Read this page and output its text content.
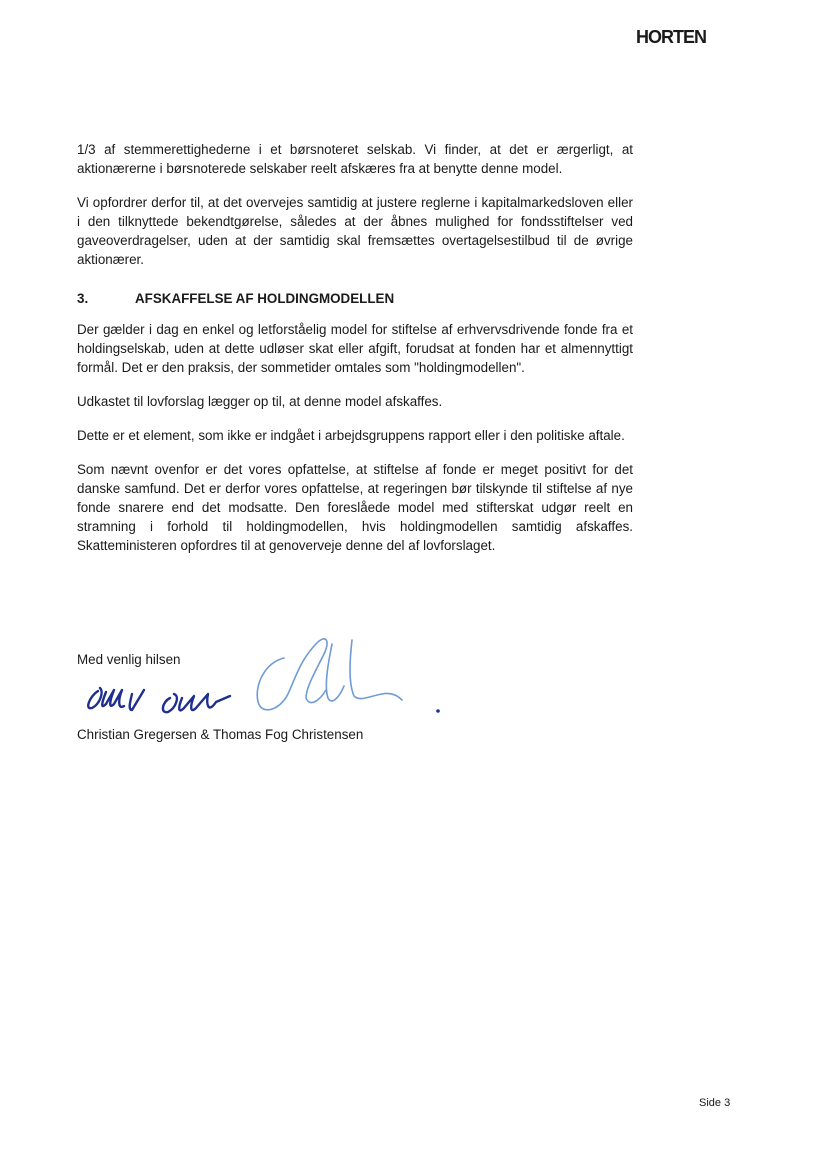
HORTEN

1/3 af stemmerettighederne i et børsnoteret selskab. Vi finder, at det er ærgerligt, at aktionærerne i børsnoterede selskaber reelt afskæres fra at benytte denne model.

Vi opfordrer derfor til, at det overvejes samtidig at justere reglerne i kapitalmarkedsloven eller i den tilknyttede bekendtgørelse, således at der åbnes mulighed for fondsstiftelser ved gaveoverdragelser, uden at der samtidig skal fremsættes overtagelsestilbud til de øvrige aktionærer.

3.	AFSKAFFELSE AF HOLDINGMODELLEN

Der gælder i dag en enkel og letforståelig model for stiftelse af erhvervsdrivende fonde fra et holdingselskab, uden at dette udløser skat eller afgift, forudsat at fonden har et almennyttigt formål. Det er den praksis, der sommetider omtales som "holdingmodellen".

Udkastet til lovforslag lægger op til, at denne model afskaffes.

Dette er et element, som ikke er indgået i arbejdsgruppens rapport eller i den politiske aftale.

Som nævnt ovenfor er det vores opfattelse, at stiftelse af fonde er meget positivt for det danske samfund. Det er derfor vores opfattelse, at regeringen bør tilskynde til stiftelse af nye fonde snarere end det modsatte. Den foreslåede model med stifterskat udgør reelt en stramning i forhold til holdingmodellen, hvis holdingmodellen samtidig afskaffes. Skatteministeren opfordres til at genoverveje denne del af lovforslaget.

Med venlig hilsen
Christian Gregersen & Thomas Fog Christensen
Side 3
